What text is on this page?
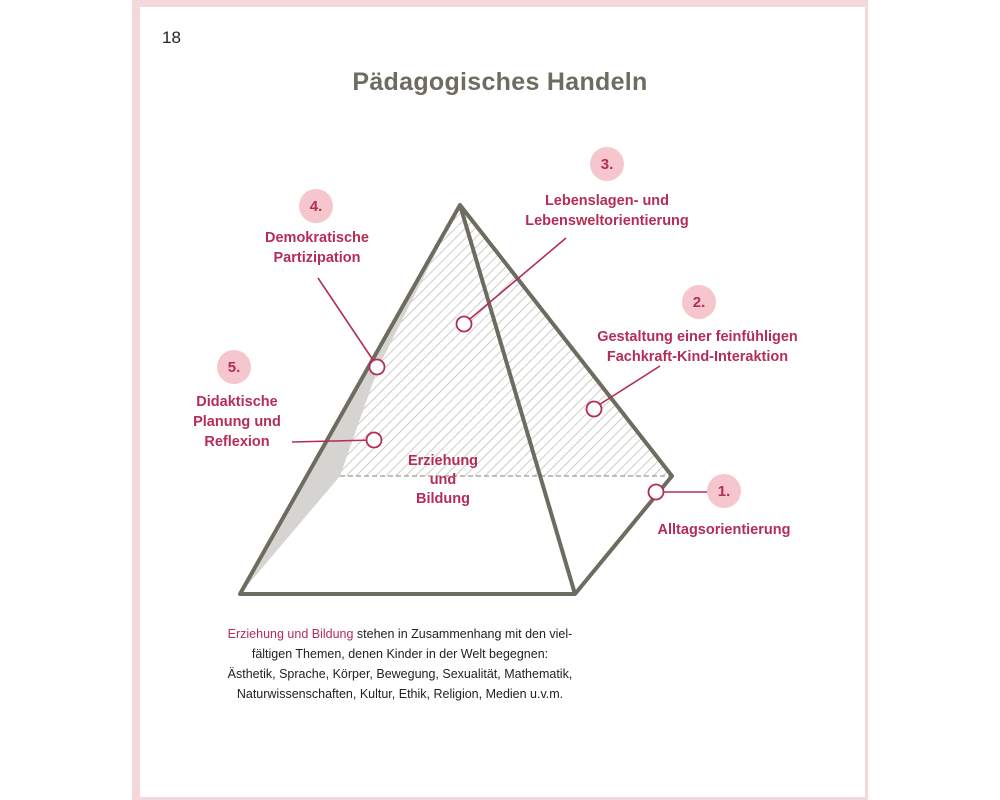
18
Pädagogisches Handeln
Erziehung
und
Bildung	1.
Alltagsorientierung
2.
Gestaltung einer feinfühligen
Fachkraft-Kind-Interaktion
3.
Lebenslagen- und
Lebensweltorientierung
4.
Demokratische
Partizipation
5.
Didaktische
Planung und
Reflexion
Erziehung und Bildung stehen in Zusammenhang mit den viel-
fältigen Themen, denen Kinder in der Welt begegnen:
Ästhetik, Sprache, Körper, Bewegung, Sexualität, Mathematik,
Naturwissenschaften, Kultur, Ethik, Religion, Medien u.v.m.
